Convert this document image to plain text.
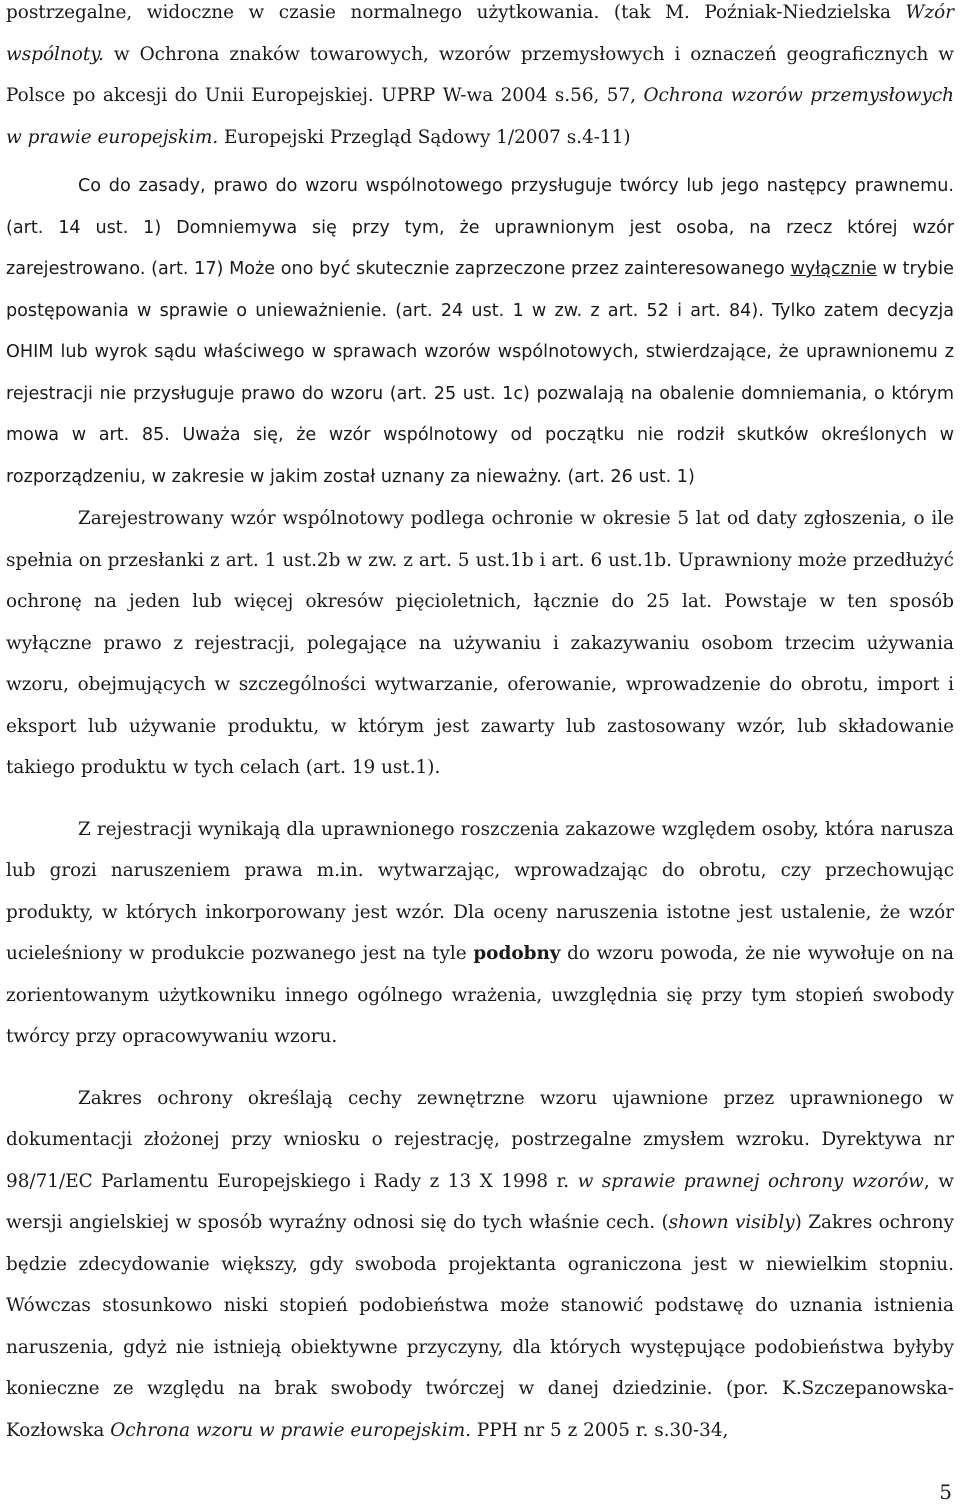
postrzegalne, widoczne w czasie normalnego użytkowania. (tak M. Poźniak-Niedzielska Wzór wspólnoty. w Ochrona znaków towarowych, wzorów przemysłowych i oznaczeń geograficznych w Polsce po akcesji do Unii Europejskiej. UPRP W-wa 2004 s.56, 57, Ochrona wzorów przemysłowych w prawie europejskim. Europejski Przegląd Sądowy 1/2007 s.4-11)

Co do zasady, prawo do wzoru wspólnotowego przysługuje twórcy lub jego następcy prawnemu. (art. 14 ust. 1) Domniemywa się przy tym, że uprawnionym jest osoba, na rzecz której wzór zarejestrowano. (art. 17) Może ono być skutecznie zaprzeczone przez zainteresowanego wyłącznie w trybie postępowania w sprawie o unieważnienie. (art. 24 ust. 1 w zw. z art. 52 i art. 84). Tylko zatem decyzja OHIM lub wyrok sądu właściwego w sprawach wzorów wspólnotowych, stwierdzające, że uprawnionemu z rejestracji nie przysługuje prawo do wzoru (art. 25 ust. 1c) pozwalają na obalenie domniemania, o którym mowa w art. 85. Uważa się, że wzór wspólnotowy od początku nie rodził skutków określonych w rozporządzeniu, w zakresie w jakim został uznany za nieważny. (art. 26 ust. 1)

Zarejestrowany wzór wspólnotowy podlega ochronie w okresie 5 lat od daty zgłoszenia, o ile spełnia on przesłanki z art. 1 ust.2b w zw. z art. 5 ust.1b i art. 6 ust.1b. Uprawniony może przedłużyć ochronę na jeden lub więcej okresów pięcioletnich, łącznie do 25 lat. Powstaje w ten sposób wyłączne prawo z rejestracji, polegające na używaniu i zakazywaniu osobom trzecim używania wzoru, obejmujących w szczególności wytwarzanie, oferowanie, wprowadzenie do obrotu, import i eksport lub używanie produktu, w którym jest zawarty lub zastosowany wzór, lub składowanie takiego produktu w tych celach (art. 19 ust.1).

Z rejestracji wynikają dla uprawnionego roszczenia zakazowe względem osoby, która narusza lub grozi naruszeniem prawa m.in. wytwarzając, wprowadzając do obrotu, czy przechowując produkty, w których inkorporowany jest wzór. Dla oceny naruszenia istotne jest ustalenie, że wzór ucieleśniony w produkcie pozwanego jest na tyle podobny do wzoru powoda, że nie wywołuje on na zorientowanym użytkowniku innego ogólnego wrażenia, uwzględnia się przy tym stopień swobody twórcy przy opracowywaniu wzoru.

Zakres ochrony określają cechy zewnętrzne wzoru ujawnione przez uprawnionego w dokumentacji złożonej przy wniosku o rejestrację, postrzegalne zmysłem wzroku. Dyrektywa nr 98/71/EC Parlamentu Europejskiego i Rady z 13 X 1998 r. w sprawie prawnej ochrony wzorów, w wersji angielskiej w sposób wyraźny odnosi się do tych właśnie cech. (shown visibly) Zakres ochrony będzie zdecydowanie większy, gdy swoboda projektanta ograniczona jest w niewielkim stopniu. Wówczas stosunkowo niski stopień podobieństwa może stanowić podstawę do uznania istnienia naruszenia, gdyż nie istnieją obiektywne przyczyny, dla których występujące podobieństwa byłyby konieczne ze względu na brak swobody twórczej w danej dziedzinie. (por. K.Szczepanowska-Kozłowska Ochrona wzoru w prawie europejskim. PPH nr 5 z 2005 r. s.30-34,

5
